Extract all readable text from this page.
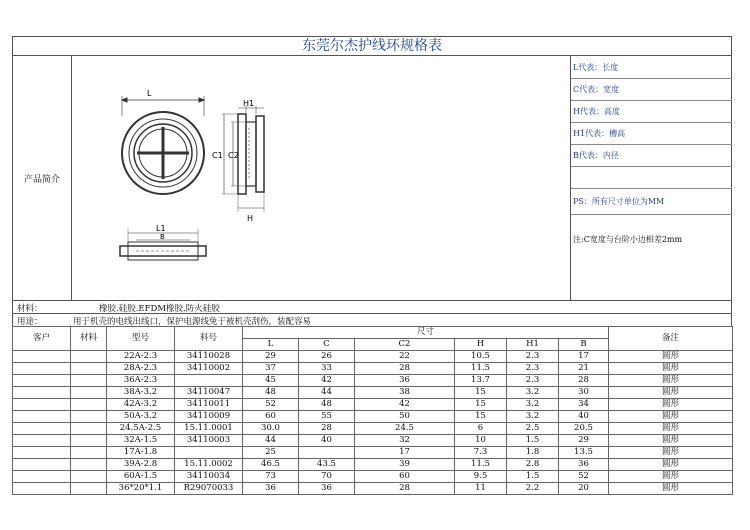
东莞尔杰护线环规格表
产品简介
L
H1
C1 C2
H
L1
B
L代表：长度
C代表：宽度
H代表：高度
H1代表：槽高
B代表：内径
PS：所有尺寸单位为MM
注:C宽度与台阶小边相差2mm
材料：	橡胶.硅胶.EFDM橡胶.防火硅胶
用途：	用于机壳的电线出线口，保护电源线免于被机壳刮伤，装配容易
客户	材料	型号	料号	尺寸						备注
				L	C	C2	H	H1	B	
		22A-2.3	34110028	29	26	22	10.5	2.3	17	圆形
		28A-2.3	34110002	37	33	28	11.5	2.3	21	圆形
		36A-2.3		45	42	36	13.7	2.3	28	圆形
		38A-3.2	34110047	48	44	38	15	3.2	30	圆形
		42A-3.2	34110011	52	48	42	15	3.2	34	圆形
		50A-3.2	34110009	60	55	50	15	3.2	40	圆形
		24.5A-2.5	15.11.0001	30.0	28	24.5	6	2.5	20.5	圆形
		32A-1.5	34110003	44	40	32	10	1.5	29	圆形
		17A-1.8		25		17	7.3	1.8	13.5	圆形
		39A-2.8	15.11.0002	46.5	43.5	39	11.5	2.8	36	圆形
		60A-1.5	34110034	73	70	60	9.5	1.5	52	圆形
		36*20*1.1	R29070033	36	36	28	11	2.2	20	圆形
